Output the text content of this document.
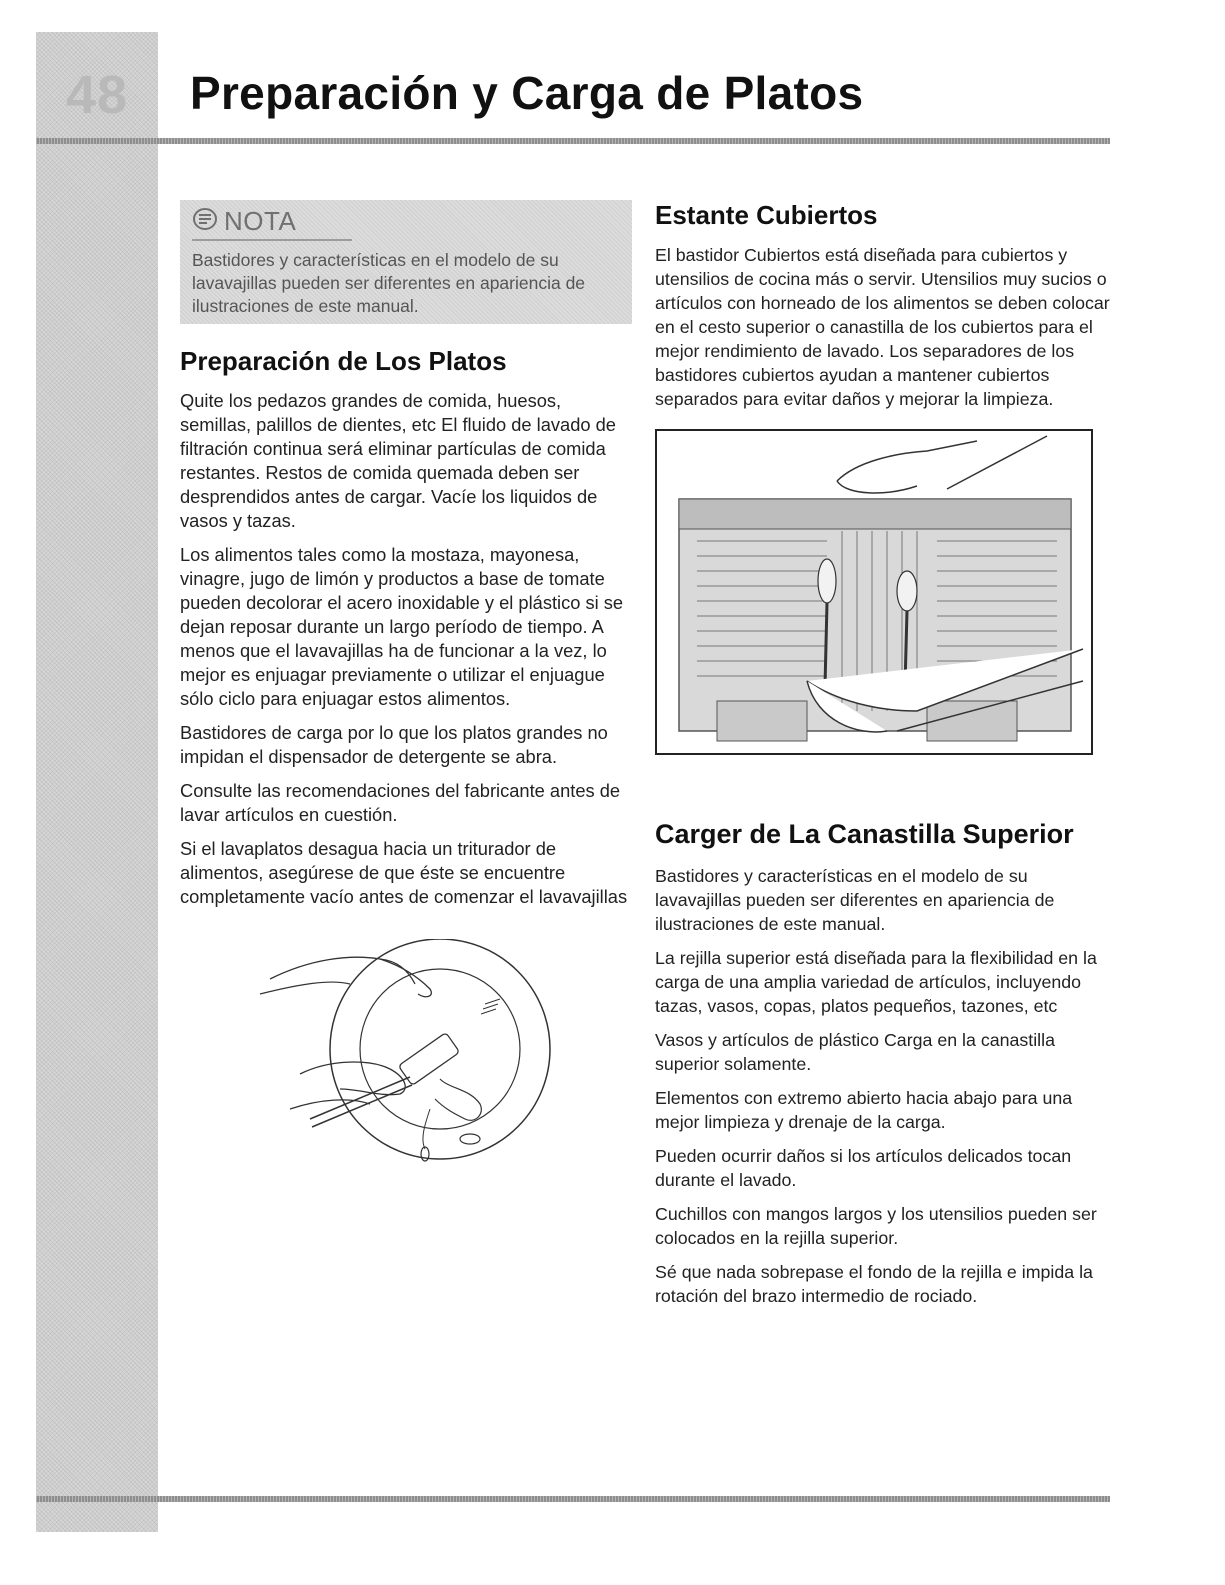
48	Preparación y Carga de Platos
NOTA

Bastidores y características en el modelo de su lavavajillas pueden ser diferentes en apariencia de ilustraciones de este manual.

Preparación de Los Platos

Quite los pedazos grandes de comida, huesos, semillas, palillos de dientes, etc El fluido de lavado de filtración continua será eliminar partículas de comida restantes. Restos de comida quemada deben ser desprendidos antes de cargar. Vacíe los liquidos de vasos y tazas.

Los alimentos tales como la mostaza, mayonesa, vinagre, jugo de limón y productos a base de tomate pueden decolorar el acero inoxidable y el plástico si se dejan reposar durante un largo período de tiempo. A menos que el lavavajillas ha de funcionar a la vez, lo mejor es enjuagar previamente o utilizar el enjuague sólo ciclo para enjuagar estos alimentos.

Bastidores de carga por lo que los platos grandes no impidan el dispensador de detergente se abra.

Consulte las recomendaciones del fabricante antes de lavar artículos en cuestión.

Si el lavaplatos desagua hacia un triturador de alimentos, asegúrese de que éste se encuentre completamente vacío antes de comenzar el lavavajillas

Estante Cubiertos

El bastidor Cubiertos está diseñada para cubiertos y utensilios de cocina más o servir. Utensilios muy sucios o artículos con horneado de los alimentos se deben colocar en el cesto superior o canastilla de los cubiertos para el mejor rendimiento de lavado. Los separadores de los bastidores cubiertos ayudan a mantener cubiertos separados para evitar daños y mejorar la limpieza.

Carger de La Canastilla Superior

Bastidores y características en el modelo de su lavavajillas pueden ser diferentes en apariencia de ilustraciones de este manual.

La rejilla superior está diseñada para la flexibilidad en la carga de una amplia variedad de artículos, incluyendo tazas, vasos, copas, platos pequeños, tazones, etc

Vasos y artículos de plástico Carga en la canastilla superior solamente.

Elementos con extremo abierto hacia abajo para una mejor limpieza y drenaje de la carga.

Pueden ocurrir daños si los artículos delicados tocan durante el lavado.

Cuchillos con mangos largos y los utensilios pueden ser colocados en la rejilla superior.

Sé que nada sobrepase el fondo de la rejilla e impida la rotación del brazo intermedio de rociado.
